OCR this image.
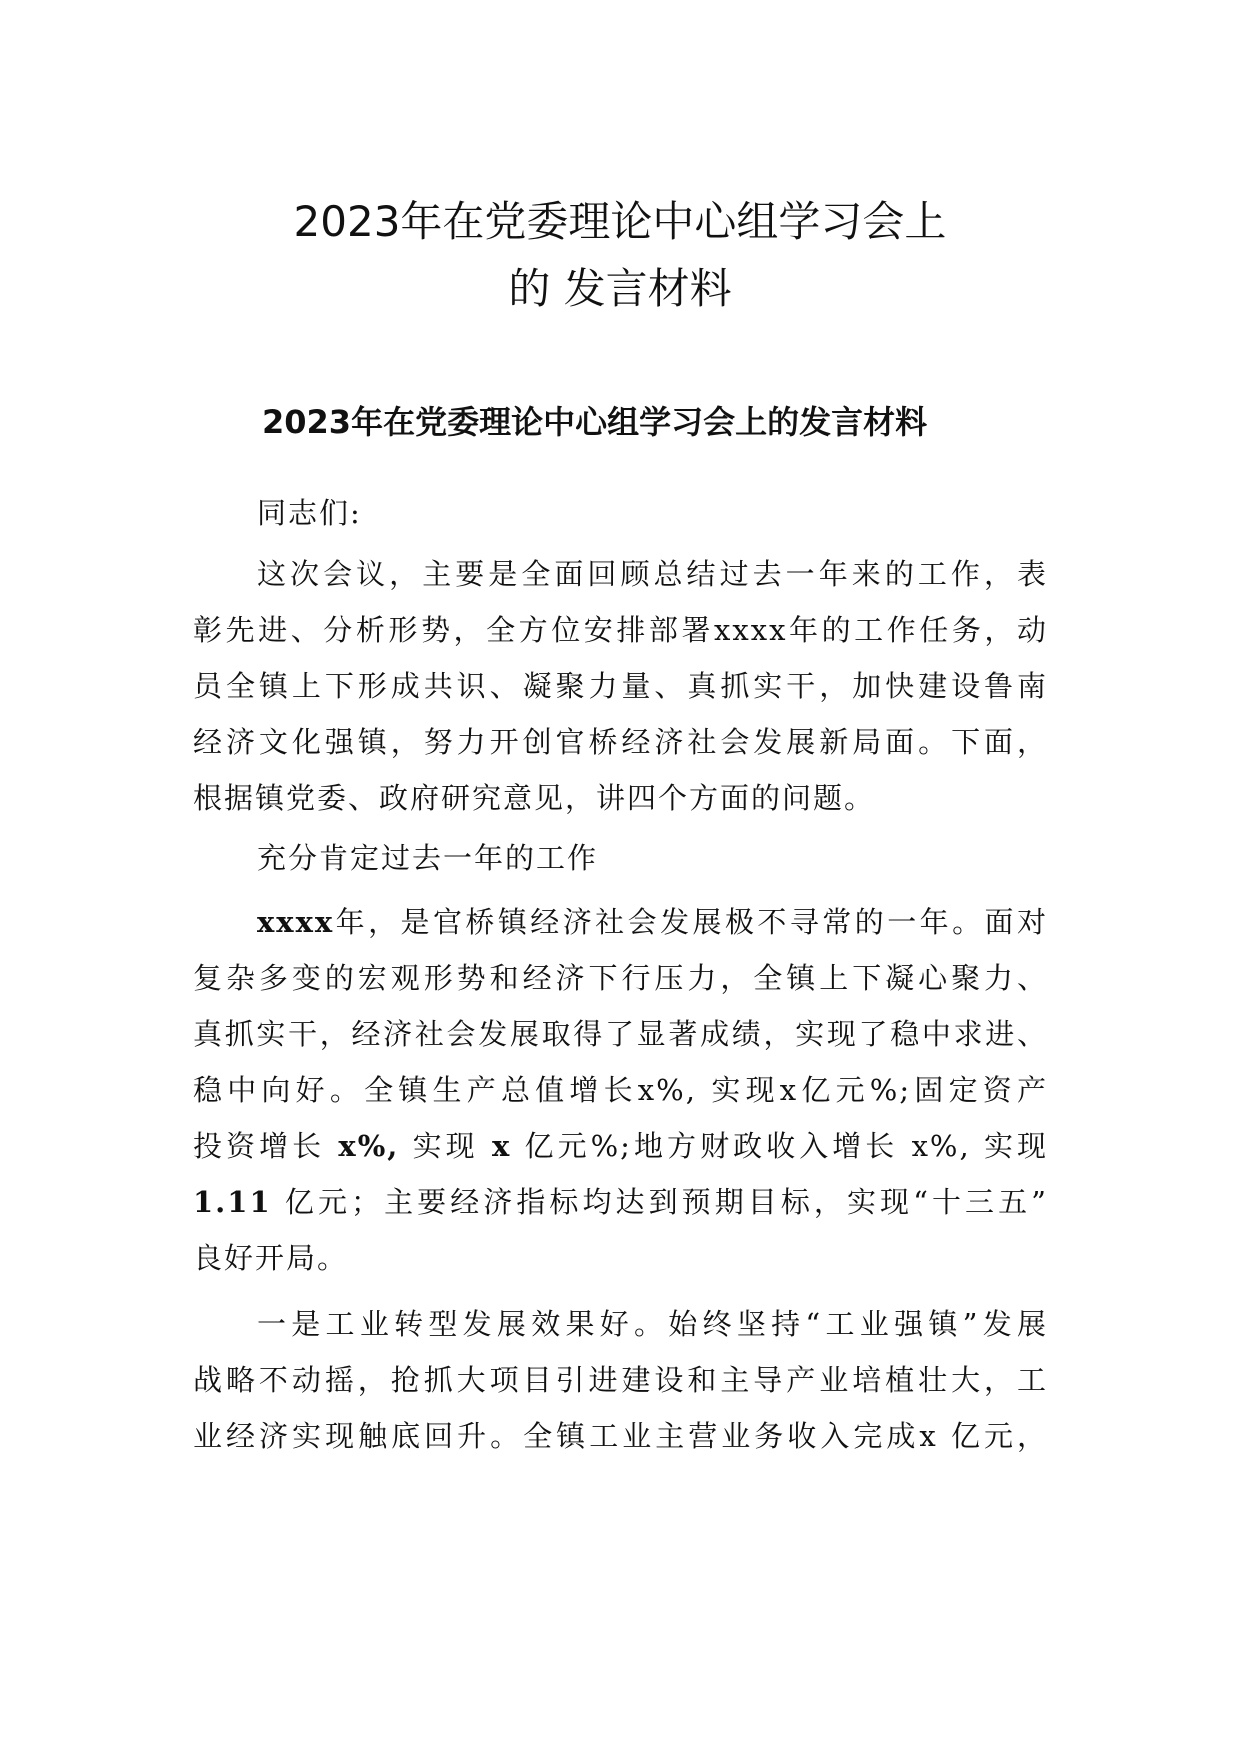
2023年在党委理论中心组学习会上
的 发言材料
2023年在党委理论中心组学习会上的发言材料

同志们:

这次会议，主要是全面回顾总结过去一年来的工作，表
彰先进、分析形势，全方位安排部署xxxx年的工作任务，动
员全镇上下形成共识、凝聚力量、真抓实干，加快建设鲁南
经济文化强镇，努力开创官桥经济社会发展新局面。下面，
根据镇党委、政府研究意见，讲四个方面的问题。

充分肯定过去一年的工作

xxxx年，是官桥镇经济社会发展极不寻常的一年。面对
复杂多变的宏观形势和经济下行压力，全镇上下凝心聚力、
真抓实干，经济社会发展取得了显著成绩，实现了稳中求进、
稳中向好。全镇生产总值增长x%, 实现x亿元%;固定资产
投资增长 x%, 实现 x 亿元%;地方财政收入增长 x%, 实现
1.11 亿元；主要经济指标均达到预期目标，实现“十三五”
良好开局。
一是工业转型发展效果好。始终坚持“工业强镇”发展
战略不动摇，抢抓大项目引进建设和主导产业培植壮大，工
业经济实现触底回升。全镇工业主营业务收入完成x 亿元，
